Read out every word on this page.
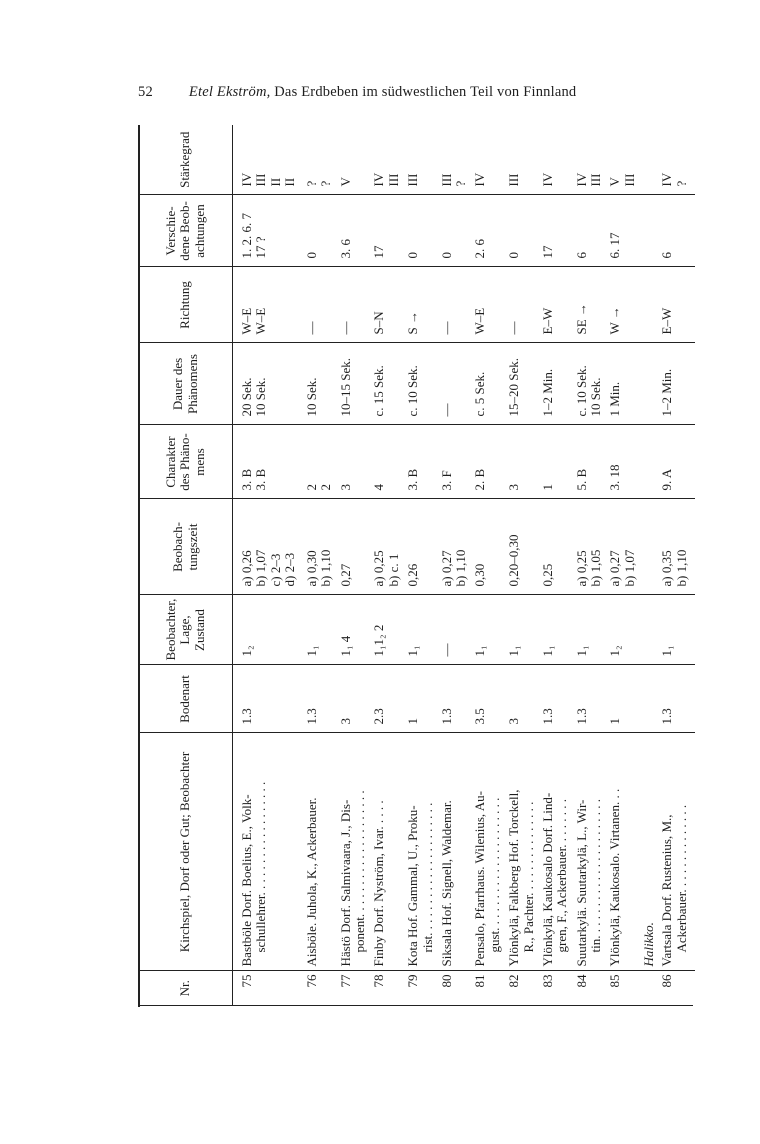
52 Etel Ekström, Das Erdbeben im südwestlichen Teil von Finnland
Nr.	Kirchspiel, Dorf oder Gut; Beobachter	Bodenart	Beobachter, Lage, Zustand	Beobach-tungszeit	Charakter des Phäno-mens	Dauer des Phänomens	Richtung	Verschie-dene Beob-achtungen	Stärkegrad

75	Bastböle Dorf. Boelius, E., Volk- schullehrer. . . . . . . . . . . . . . . . . .	1.3	1₂	a) 0,26 b) 1,07 c) 2–3 d) 2–3	3. B 3. B	20 Sek. 10 Sek.	W–E W–E	1. 2. 6. 7 17 ?	IV III II II

76	Aisböle. Juhola, K., Ackerbauer.	1.3	1₁	a) 0,30 b) 1,10	2 2	10 Sek.	—	0	? ?

77	Hästö Dorf. Salmivaara, J., Dis- ponent. . . . . . . . . . . . . . . . . . . .	3	1₁ 4	0,27	3	10–15 Sek.	—	3. 6	V

78	Finby Dorf. Nyström, Ivar. . . . .	2.3	1₁1₂ 2	a) 0,25 b) c. 1	4	c. 15 Sek.	S–N	17	IV III

79	Kota Hof. Gammal, U., Proku- rist. . . . . . . . . . . . . . . . . . . . .	1	1₁	0,26	3. B	c. 10 Sek.	S →	0	III

80	Siksala Hof. Signell, Waldemar.	1.3	—	a) 0,27 b) 1,10	3. F	—	—	0	III ?

81	Pensalo, Pfarrhaus. Wilenius, Au- gust. . . . . . . . . . . . . . . . . . . . .	3.5	1₁	0,30	2. B	c. 5 Sek.	W–E	2. 6	IV

82	Ylönkylä, Falkberg Hof. Torckell, R., Pachter. . . . . . . . . . . . . . .	3	1₁	0,20–0,30	3	15–20 Sek.	—	0	III

83	Ylönkylä, Kaukosalo Dorf. Lind- gren, F., Ackerbauer. . . . . . . .	1.3	1₁	0,25	1	1–2 Min.	E–W	17	IV

84	Suutarkylä. Suutarkylä, L., Wir- tin. . . . . . . . . . . . . . . . . . . . . .	1.3	1₁	a) 0,25 b) 1,05	5. B	c. 10 Sek. 10 Sek.	SE →	6	IV III

85	Ylönkylä, Kaukosalo. Virtanen. . .	1	1₂	a) 0,27 b) 1,07	3. 18	1 Min.	W →	6. 17	V III

	Halikko.								

86	Vartsala Dorf. Rustenius, M., Ackerbauer. . . . . . . . . . . . . .	1.3	1₁	a) 0,35 b) 1,10	9. A	1–2 Min.	E–W	6	IV ?
